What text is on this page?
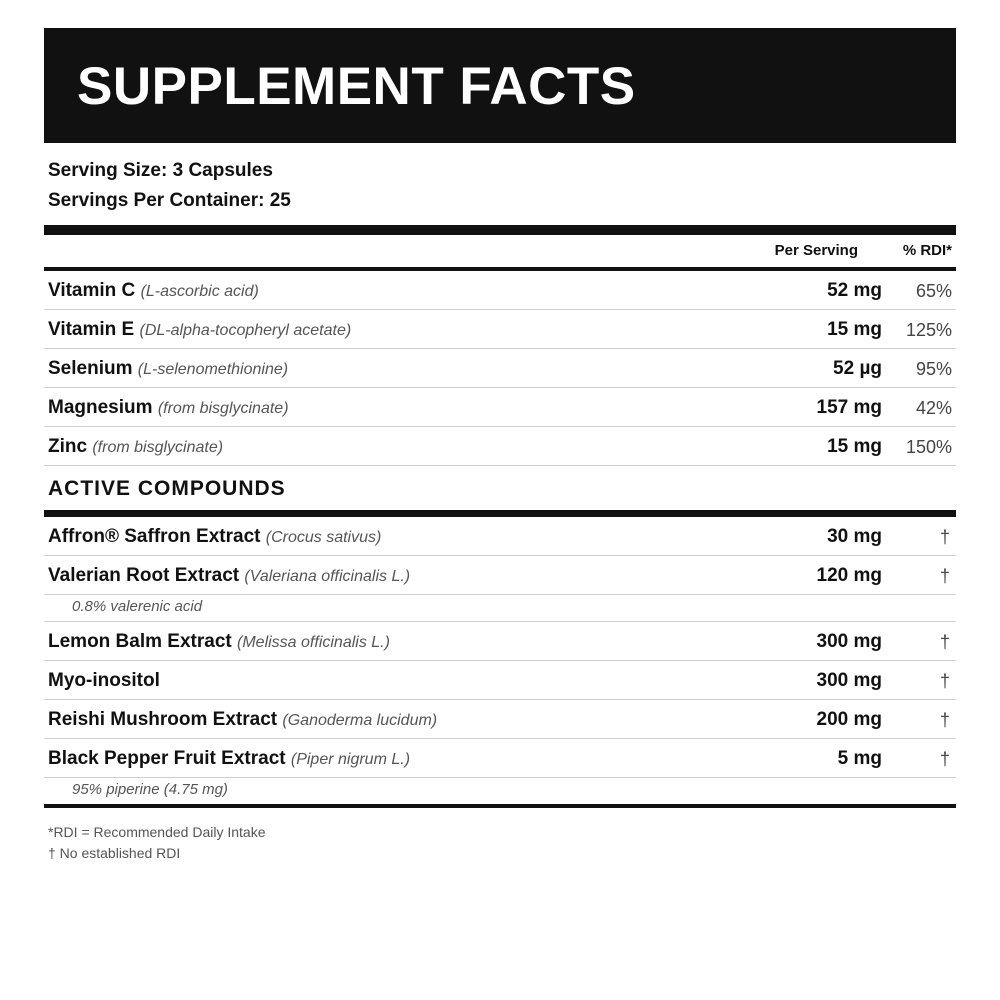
SUPPLEMENT FACTS
Serving Size: 3 Capsules
Servings Per Container: 25
Per Serving	% RDI*
Vitamin C (L-ascorbic acid)	52 mg 65%
Vitamin E (DL-alpha-tocopheryl acetate)	15 mg 125%
Selenium (L-selenomethionine)	52 µg 95%
Magnesium (from bisglycinate)	157 mg 42%
Zinc (from bisglycinate)	15 mg 150%
ACTIVE COMPOUNDS
Affron® Saffron Extract (Crocus sativus)	30 mg	†
Valerian Root Extract (Valeriana officinalis L.)	120 mg	†
0.8% valerenic acid
Lemon Balm Extract (Melissa officinalis L.)	300 mg	†
Myo-inositol	300 mg	†
Reishi Mushroom Extract (Ganoderma lucidum)	200 mg	†
Black Pepper Fruit Extract (Piper nigrum L.)	5 mg	†
95% piperine (4.75 mg)
*RDI = Recommended Daily Intake
† No established RDI
